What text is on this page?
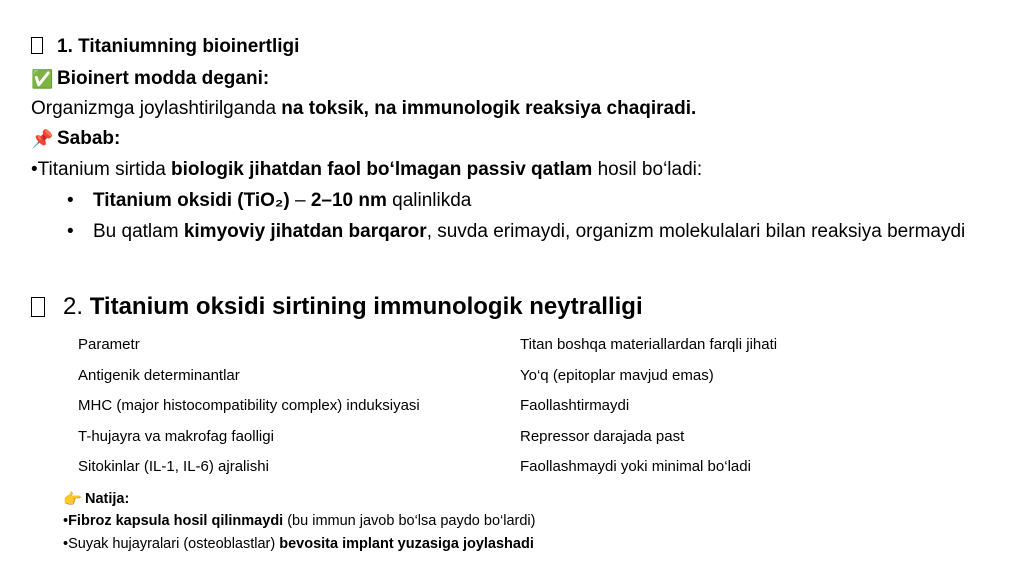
1. Titaniumning bioinertligi
✅ Bioinert modda degani:
Organizmga joylashtirilganda na toksik, na immunologik reaksiya chaqiradi.
📌 Sabab:
•Titanium sirtida biologik jihatdan faol bo‘lmagan passiv qatlam hosil bo‘ladi:
•	Titanium oksidi (TiO₂) – 2–10 nm qalinlikda
•	Bu qatlam kimyoviy jihatdan barqaror, suvda erimaydi, organizm molekulalari bilan reaksiya bermaydi
2. Titanium oksidi sirtining immunologik neytralligi
Parametr	Titan boshqa materiallardan farqli jihati
Antigenik determinantlar	Yo‘q (epitoplar mavjud emas)
MHC (major histocompatibility complex) induksiyasi	Faollashtirmaydi
T-hujayra va makrofag faolligi	Repressor darajada past
Sitokinlar (IL-1, IL-6) ajralishi	Faollashmaydi yoki minimal bo‘ladi
👉 Natija:
•Fibroz kapsula hosil qilinmaydi (bu immun javob bo‘lsa paydo bo‘lardi)
•Suyak hujayralari (osteoblastlar) bevosita implant yuzasiga joylashadi
